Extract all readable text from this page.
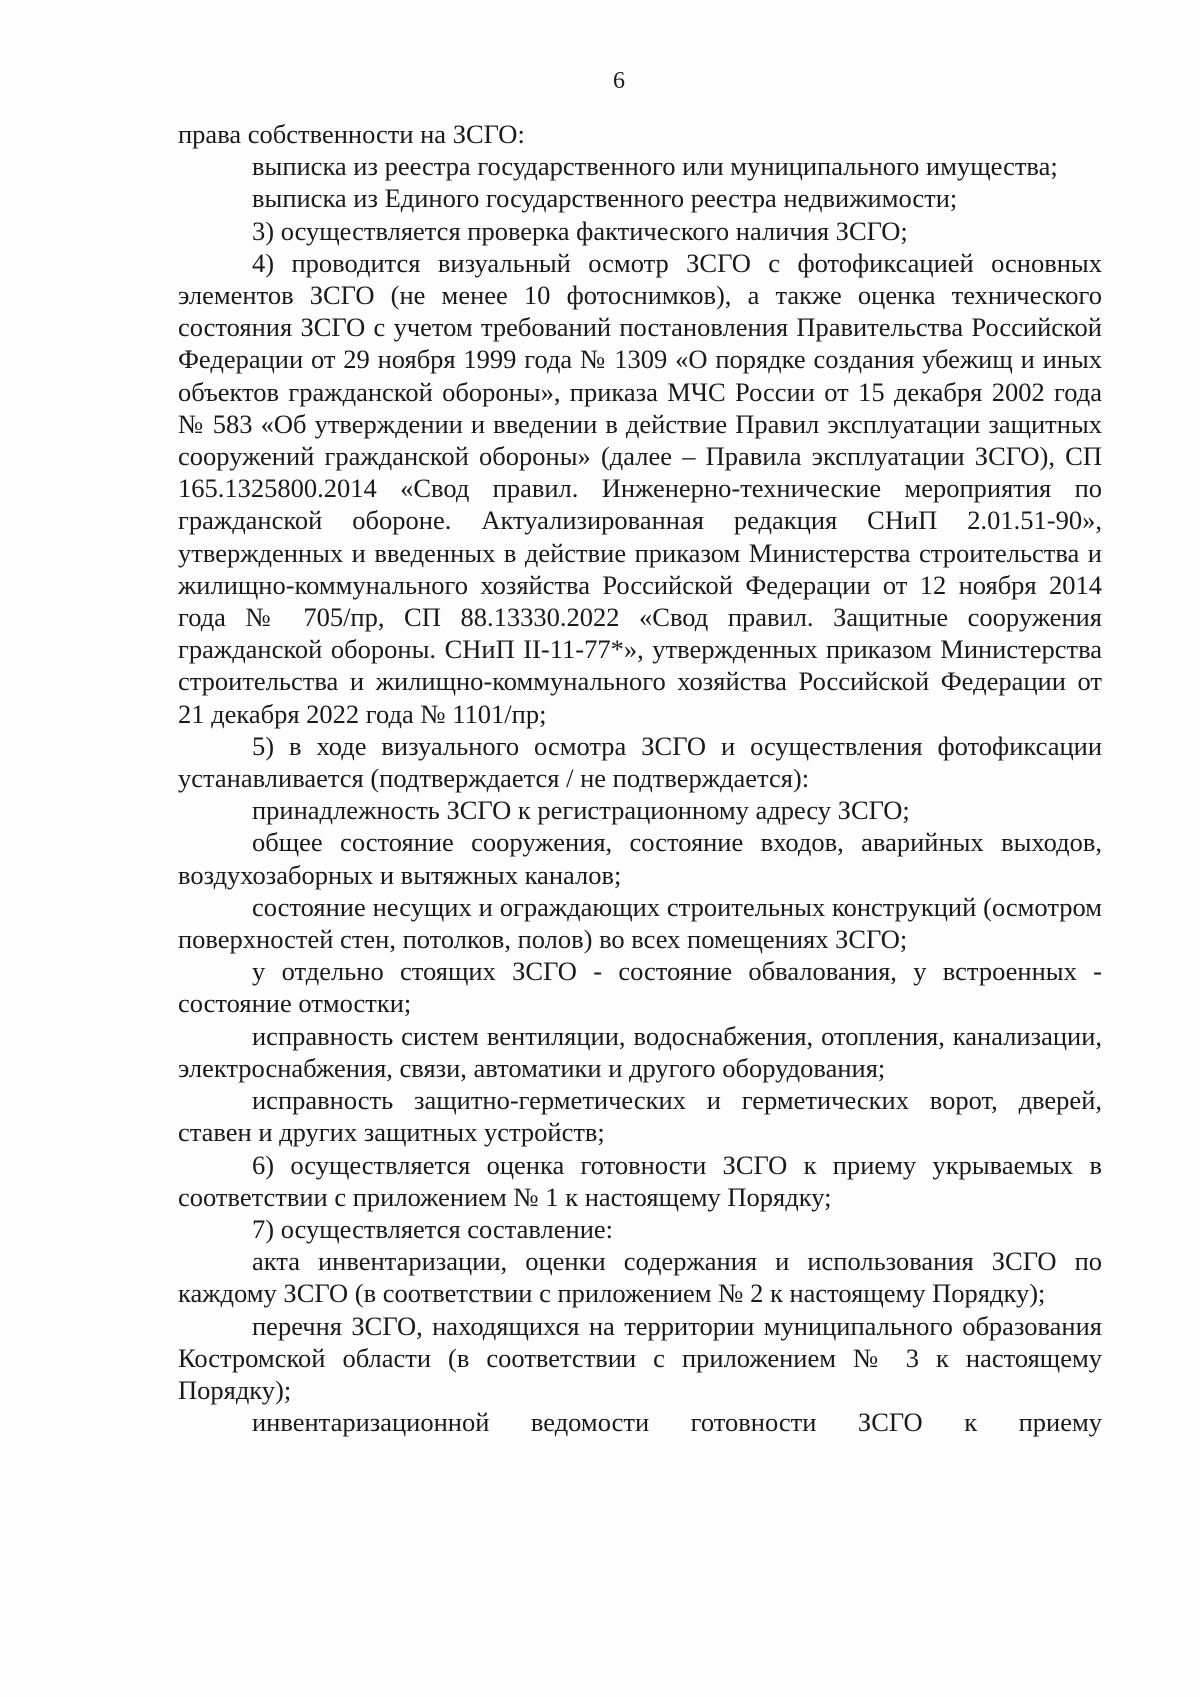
6

права собственности на ЗСГО:

выписка из реестра государственного или муниципального имущества;

выписка из Единого государственного реестра недвижимости;

3) осуществляется проверка фактического наличия ЗСГО;

4) проводится визуальный осмотр ЗСГО с фотофиксацией основных элементов ЗСГО (не менее 10 фотоснимков), а также оценка технического состояния ЗСГО с учетом требований постановления Правительства Российской Федерации от 29 ноября 1999 года № 1309 «О порядке создания убежищ и иных объектов гражданской обороны», приказа МЧС России от 15 декабря 2002 года № 583 «Об утверждении и введении в действие Правил эксплуатации защитных сооружений гражданской обороны» (далее – Правила эксплуатации ЗСГО), СП 165.1325800.2014 «Свод правил. Инженерно-технические мероприятия по гражданской обороне. Актуализированная редакция СНиП 2.01.51-90», утвержденных и введенных в действие приказом Министерства строительства и жилищно-коммунального хозяйства Российской Федерации от 12 ноября 2014 года № 705/пр, СП 88.13330.2022 «Свод правил. Защитные сооружения гражданской обороны. СНиП II-11-77*», утвержденных приказом Министерства строительства и жилищно-коммунального хозяйства Российской Федерации от 21 декабря 2022 года № 1101/пр;

5) в ходе визуального осмотра ЗСГО и осуществления фотофиксации устанавливается (подтверждается / не подтверждается):

принадлежность ЗСГО к регистрационному адресу ЗСГО;

общее состояние сооружения, состояние входов, аварийных выходов, воздухозаборных и вытяжных каналов;

состояние несущих и ограждающих строительных конструкций (осмотром поверхностей стен, потолков, полов) во всех помещениях ЗСГО;

у отдельно стоящих ЗСГО - состояние обвалования, у встроенных - состояние отмостки;

исправность систем вентиляции, водоснабжения, отопления, канализации, электроснабжения, связи, автоматики и другого оборудования;

исправность защитно-герметических и герметических ворот, дверей, ставен и других защитных устройств;

6) осуществляется оценка готовности ЗСГО к приему укрываемых в соответствии с приложением № 1 к настоящему Порядку;

7) осуществляется составление:

акта инвентаризации, оценки содержания и использования ЗСГО по каждому ЗСГО (в соответствии с приложением № 2 к настоящему Порядку);

перечня ЗСГО, находящихся на территории муниципального образования Костромской области (в соответствии с приложением № 3 к настоящему Порядку);

инвентаризационной ведомости готовности ЗСГО к приему
